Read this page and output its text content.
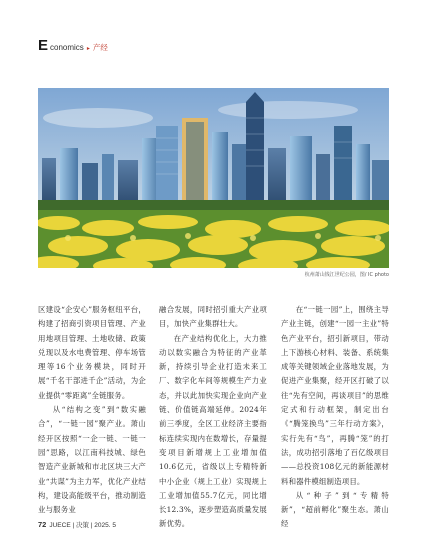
E conomics ▸ 产经
杭州萧山钱江世纪公园，图/ IC photo

区建设“企安心”服务枢纽平台，构建了招商引资项目管理、产业用地项目管理、土地收储、政策兑现以及水电费管理、停车场管理等16个业务模块，同时开展“千名干部进千企”活动，为企业提供“零距离”全链服务。

从“结构之变”到“数实融合”，“一链一园”聚产业。萧山经开区按照“一企一链、一链一园”思路，以江南科技城、绿色智造产业新城和市北区块三大产业“共谋”为主力军，优化产业结构，建设高能级平台，推动制造业与服务业

融合发展，同时招引重大产业项目，加快产业集群壮大。

在产业结构优化上，大力推动以数实融合为特征的产业革新，持续引导企业打造未来工厂、数字化车间等规模生产力业态，并以此加快实现企业向产业链、价值链高端延伸。2024年前三季度，全区工业经济主要指标连续实现内在数增长，存量提变项目新增规上工业增加值10.6亿元，省级以上专精特新中小企业（规上工业）实现规上工业增加值55.7亿元，同比增长12.3%，逐步塑造高质量发展新优势。

在“一链一园”上，围绕主导产业主链，创建“一园一主业”特色产业平台，招引新项目，带动上下游核心材料、装备、系统集成等关键领域企业落地发展，为促进产业集聚，经开区打破了以往“先有空间，再谈项目”的思维定式和行动框架，制定出台《“腾笼换鸟”三年行动方案》，实行先有“鸟”，再腾“笼”的打法，成功招引落地了百亿级项目——总投资108亿元的新能源材料和器件模组制造项目。

从“种子”到“专精特新”，“超前孵化”聚生态。萧山经

72 JUECE | 决策 | 2025. 5
